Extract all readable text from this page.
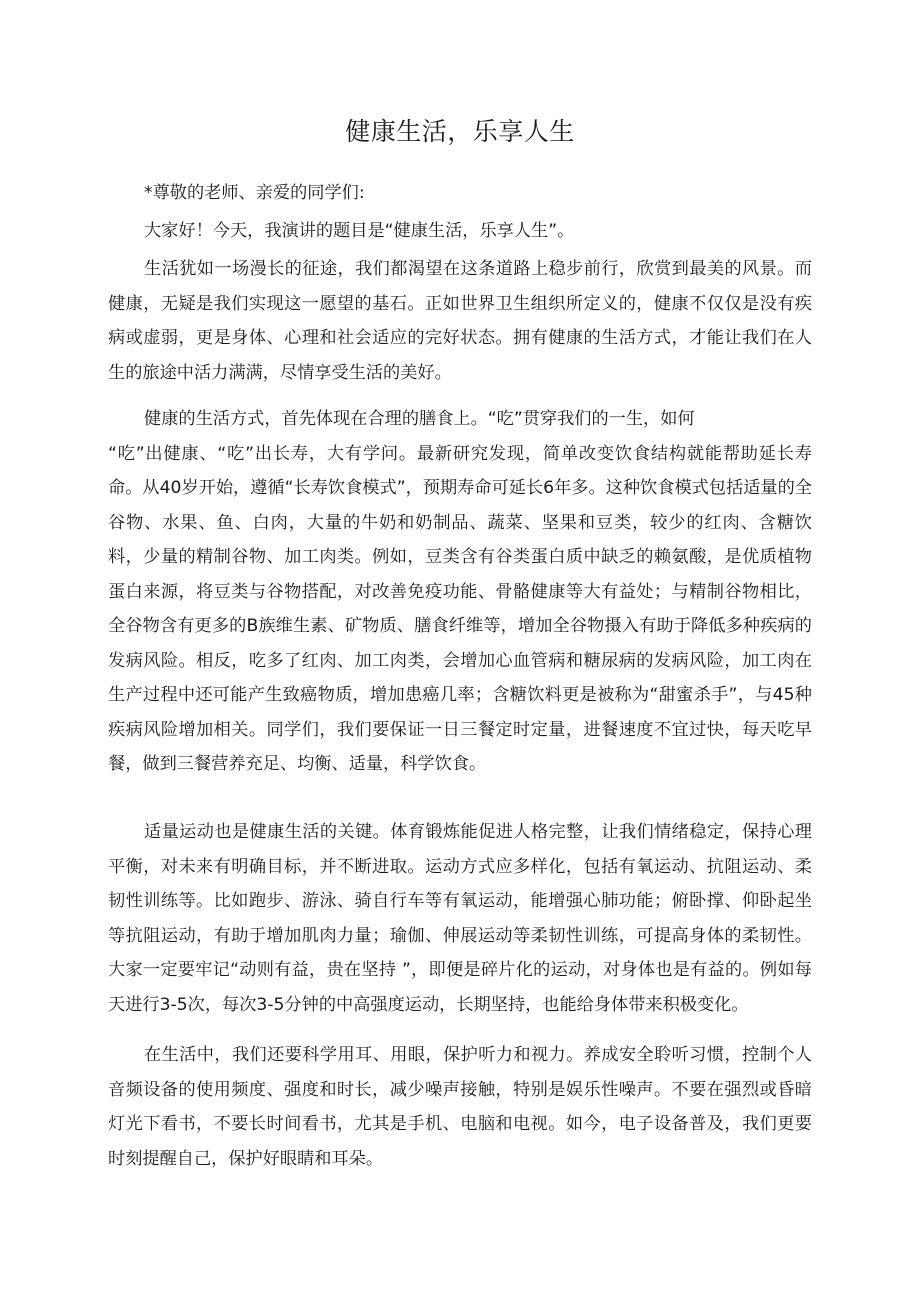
健康生活，乐享人生

*尊敬的老师、亲爱的同学们:

大家好！今天，我演讲的题目是“健康生活，乐享人生”。

生活犹如一场漫长的征途，我们都渴望在这条道路上稳步前行，欣赏到最美的风景。而健康，无疑是我们实现这一愿望的基石。正如世界卫生组织所定义的，健康不仅仅是没有疾病或虚弱，更是身体、心理和社会适应的完好状态。拥有健康的生活方式，才能让我们在人生的旅途中活力满满，尽情享受生活的美好。

健康的生活方式，首先体现在合理的膳食上。“吃”贯穿我们的一生，如何
“吃”出健康、“吃”出长寿，大有学问。最新研究发现，简单改变饮食结构就能帮助延长寿命。从40岁开始，遵循“长寿饮食模式”，预期寿命可延长6年多。这种饮食模式包括适量的全谷物、水果、鱼、白肉，大量的牛奶和奶制品、蔬菜、坚果和豆类，较少的红肉、含糖饮料，少量的精制谷物、加工肉类。例如，豆类含有谷类蛋白质中缺乏的赖氨酸，是优质植物蛋白来源，将豆类与谷物搭配，对改善免疫功能、骨骼健康等大有益处；与精制谷物相比，全谷物含有更多的B族维生素、矿物质、膳食纤维等，增加全谷物摄入有助于降低多种疾病的发病风险。相反，吃多了红肉、加工肉类，会增加心血管病和糖尿病的发病风险，加工肉在生产过程中还可能产生致癌物质，增加患癌几率；含糖饮料更是被称为“甜蜜杀手”，与45种疾病风险增加相关。同学们，我们要保证一日三餐定时定量，进餐速度不宜过快，每天吃早餐，做到三餐营养充足、均衡、适量，科学饮食。

适量运动也是健康生活的关键。体育锻炼能促进人格完整，让我们情绪稳定，保持心理平衡，对未来有明确目标，并不断进取。运动方式应多样化，包括有氧运动、抗阻运动、柔韧性训练等。比如跑步、游泳、骑自行车等有氧运动，能增强心肺功能；俯卧撑、仰卧起坐等抗阻运动，有助于增加肌肉力量；瑜伽、伸展运动等柔韧性训练，可提高身体的柔韧性。大家一定要牢记“动则有益，贵在坚持 ”，即便是碎片化的运动，对身体也是有益的。例如每天进行3-5次，每次3-5分钟的中高强度运动，长期坚持，也能给身体带来积极变化。

在生活中，我们还要科学用耳、用眼，保护听力和视力。养成安全聆听习惯，控制个人音频设备的使用频度、强度和时长，减少噪声接触，特别是娱乐性噪声。不要在强烈或昏暗灯光下看书，不要长时间看书，尤其是手机、电脑和电视。如今，电子设备普及，我们更要时刻提醒自己，保护好眼睛和耳朵。
